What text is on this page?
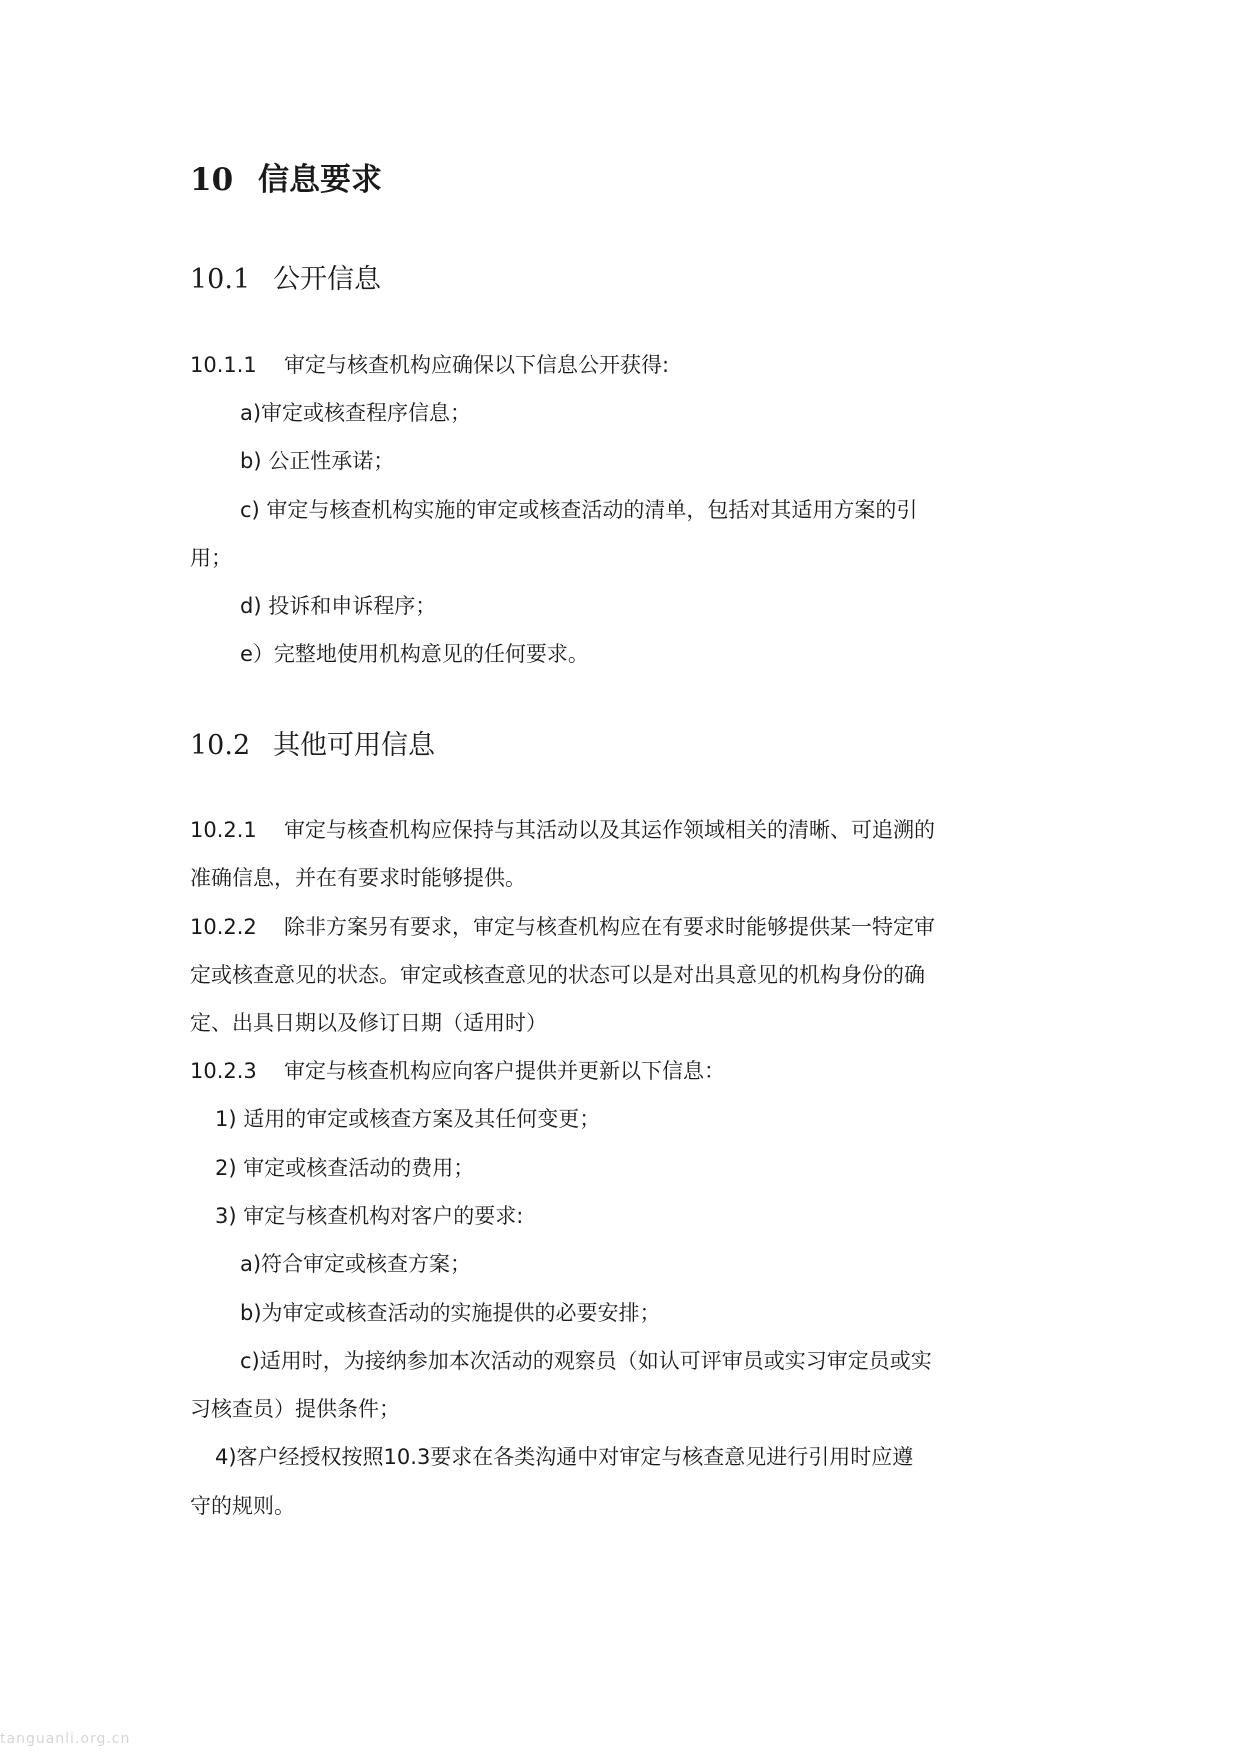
10 信息要求
10.1 公开信息
10.1.1 审定与核查机构应确保以下信息公开获得:
a)审定或核查程序信息；
b) 公正性承诺；
c) 审定与核查机构实施的审定或核查活动的清单，包括对其适用方案的引
用；
d) 投诉和申诉程序；
e）完整地使用机构意见的任何要求。
10.2 其他可用信息
10.2.1 审定与核查机构应保持与其活动以及其运作领域相关的清晰、可追溯的
准确信息，并在有要求时能够提供。
10.2.2 除非方案另有要求，审定与核查机构应在有要求时能够提供某一特定审
定或核查意见的状态。审定或核查意见的状态可以是对出具意见的机构身份的确
定、出具日期以及修订日期（适用时）
10.2.3 审定与核查机构应向客户提供并更新以下信息：
1) 适用的审定或核查方案及其任何变更；
2) 审定或核查活动的费用；
3) 审定与核查机构对客户的要求:
a)符合审定或核查方案；
b)为审定或核查活动的实施提供的必要安排；
c)适用时，为接纳参加本次活动的观察员（如认可评审员或实习审定员或实
习核查员）提供条件；
4)客户经授权按照10.3要求在各类沟通中对审定与核查意见进行引用时应遵
守的规则。
tanguanli.org.cn
